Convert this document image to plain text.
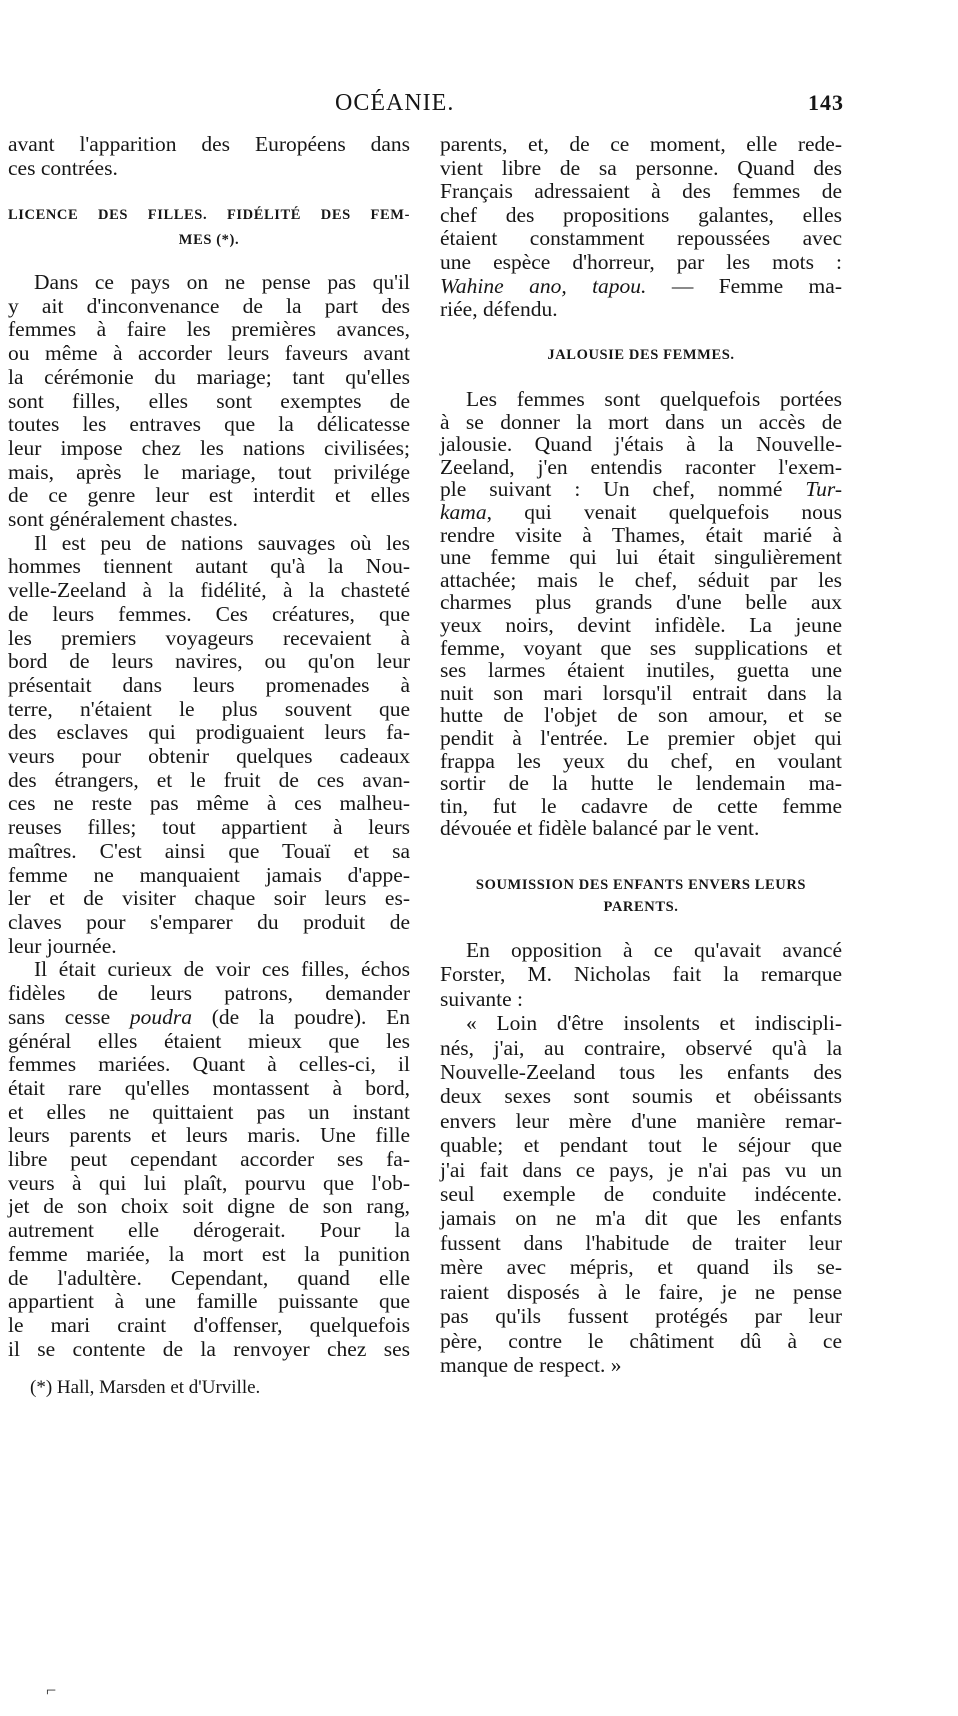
OCÉANIE.	143
avant l'apparition des Européens dans
ces contrées.
LICENCE DES FILLES. FIDÉLITÉ DES FEM-
MES (*).
Dans ce pays on ne pense pas qu'il
y ait d'inconvenance de la part des
femmes à faire les premières avances,
ou même à accorder leurs faveurs avant
la cérémonie du mariage; tant qu'elles
sont filles, elles sont exemptes de
toutes les entraves que la délicatesse
leur impose chez les nations civilisées;
mais, après le mariage, tout privilége
de ce genre leur est interdit et elles
sont généralement chastes.
Il est peu de nations sauvages où les
hommes tiennent autant qu'à la Nou-
velle-Zeeland à la fidélité, à la chasteté
de leurs femmes. Ces créatures, que
les premiers voyageurs recevaient à
bord de leurs navires, ou qu'on leur
présentait dans leurs promenades à
terre, n'étaient le plus souvent que
des esclaves qui prodiguaient leurs fa-
veurs pour obtenir quelques cadeaux
des étrangers, et le fruit de ces avan-
ces ne reste pas même à ces malheu-
reuses filles; tout appartient à leurs
maîtres. C'est ainsi que Touaï et sa
femme ne manquaient jamais d'appe-
ler et de visiter chaque soir leurs es-
claves pour s'emparer du produit de
leur journée.
Il était curieux de voir ces filles, échos
fidèles de leurs patrons, demander
sans cesse poudra (de la poudre). En
général elles étaient mieux que les
femmes mariées. Quant à celles-ci, il
était rare qu'elles montassent à bord,
et elles ne quittaient pas un instant
leurs parents et leurs maris. Une fille
libre peut cependant accorder ses fa-
veurs à qui lui plaît, pourvu que l'ob-
jet de son choix soit digne de son rang,
autrement elle dérogerait. Pour la
femme mariée, la mort est la punition
de l'adultère. Cependant, quand elle
appartient à une famille puissante que
le mari craint d'offenser, quelquefois
il se contente de la renvoyer chez ses
(*) Hall, Marsden et d'Urville.
parents, et, de ce moment, elle rede-
vient libre de sa personne. Quand des
Français adressaient à des femmes de
chef des propositions galantes, elles
étaient constamment repoussées avec
une espèce d'horreur, par les mots :
Wahine ano, tapou. — Femme ma-
riée, défendu.
JALOUSIE DES FEMMES.
Les femmes sont quelquefois portées
à se donner la mort dans un accès de
jalousie. Quand j'étais à la Nouvelle-
Zeeland, j'en entendis raconter l'exem-
ple suivant : Un chef, nommé Tur-
kama, qui venait quelquefois nous
rendre visite à Thames, était marié à
une femme qui lui était singulièrement
attachée; mais le chef, séduit par les
charmes plus grands d'une belle aux
yeux noirs, devint infidèle. La jeune
femme, voyant que ses supplications et
ses larmes étaient inutiles, guetta une
nuit son mari lorsqu'il entrait dans la
hutte de l'objet de son amour, et se
pendit à l'entrée. Le premier objet qui
frappa les yeux du chef, en voulant
sortir de la hutte le lendemain ma-
tin, fut le cadavre de cette femme
dévouée et fidèle balancé par le vent.
SOUMISSION DES ENFANTS ENVERS LEURS
PARENTS.
En opposition à ce qu'avait avancé
Forster, M. Nicholas fait la remarque
suivante :
« Loin d'être insolents et indiscipli-
nés, j'ai, au contraire, observé qu'à la
Nouvelle-Zeeland tous les enfants des
deux sexes sont soumis et obéissants
envers leur mère d'une manière remar-
quable; et pendant tout le séjour que
j'ai fait dans ce pays, je n'ai pas vu un
seul exemple de conduite indécente.
jamais on ne m'a dit que les enfants
fussent dans l'habitude de traiter leur
mère avec mépris, et quand ils se-
raient disposés à le faire, je ne pense
pas qu'ils fussent protégés par leur
père, contre le châtiment dû à ce
manque de respect. »
⌐
